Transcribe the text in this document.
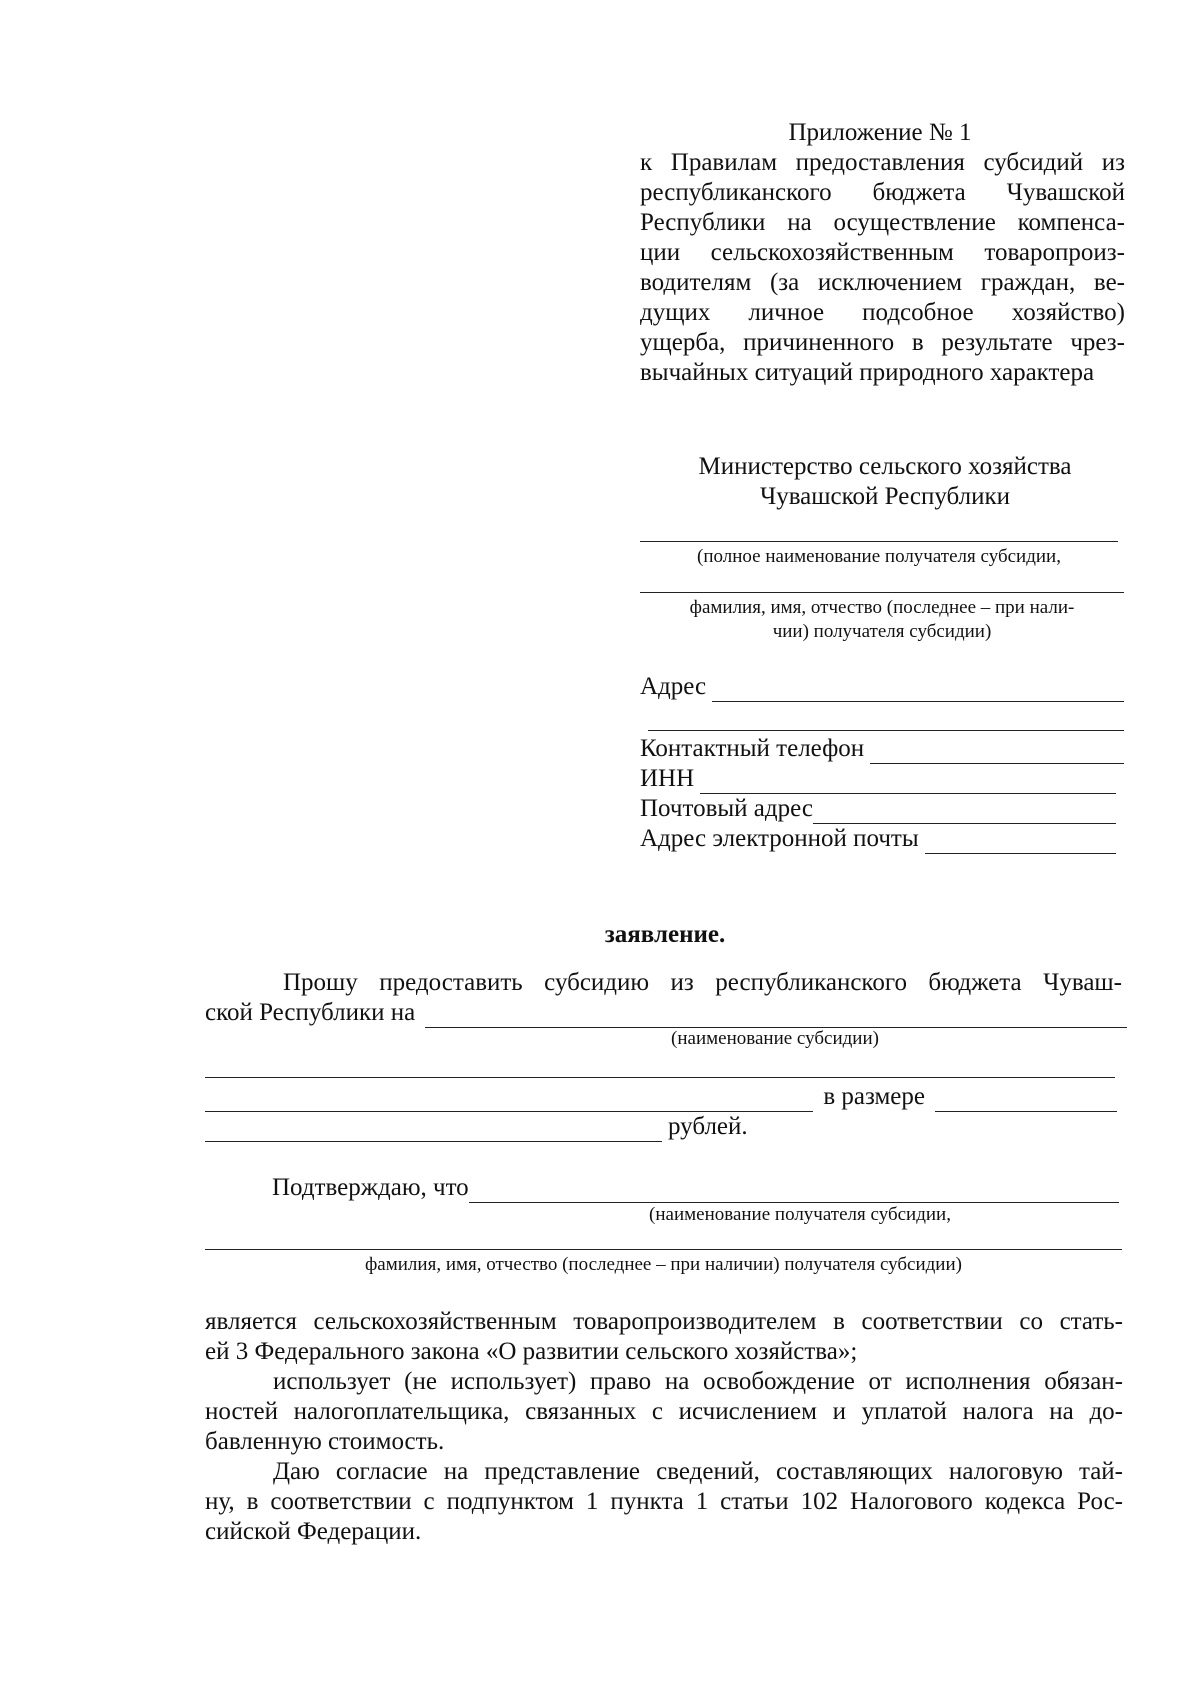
Приложение № 1
к Правилам предоставления субсидий из
республиканского бюджета Чувашской
Республики на осуществление компенса-
ции сельскохозяйственным товаропроиз-
водителям (за исключением граждан, ве-
дущих личное подсобное хозяйство)
ущерба, причиненного в результате чрез-
вычайных ситуаций природного характера
Министерство сельского хозяйства
Чувашской Республики
(полное наименование получателя субсидии,
фамилия, имя, отчество (последнее – при нали-
чии) получателя субсидии)
Адрес
Контактный телефон
ИНН
Почтовый адрес
Адрес электронной почты
заявление.
Прошу предоставить субсидию из республиканского бюджета Чуваш-
ской Республики на
(наименование субсидии)
в размере
рублей.
Подтверждаю, что
(наименование получателя субсидии,
фамилия, имя, отчество (последнее – при наличии) получателя субсидии)
является сельскохозяйственным товаропроизводителем в соответствии со стать-
ей 3 Федерального закона «О развитии сельского хозяйства»;
использует (не использует) право на освобождение от исполнения обязан-
ностей налогоплательщика, связанных с исчислением и уплатой налога на до-
бавленную стоимость.
Даю согласие на представление сведений, составляющих налоговую тай-
ну, в соответствии с подпунктом 1 пункта 1 статьи 102 Налогового кодекса Рос-
сийской Федерации.
